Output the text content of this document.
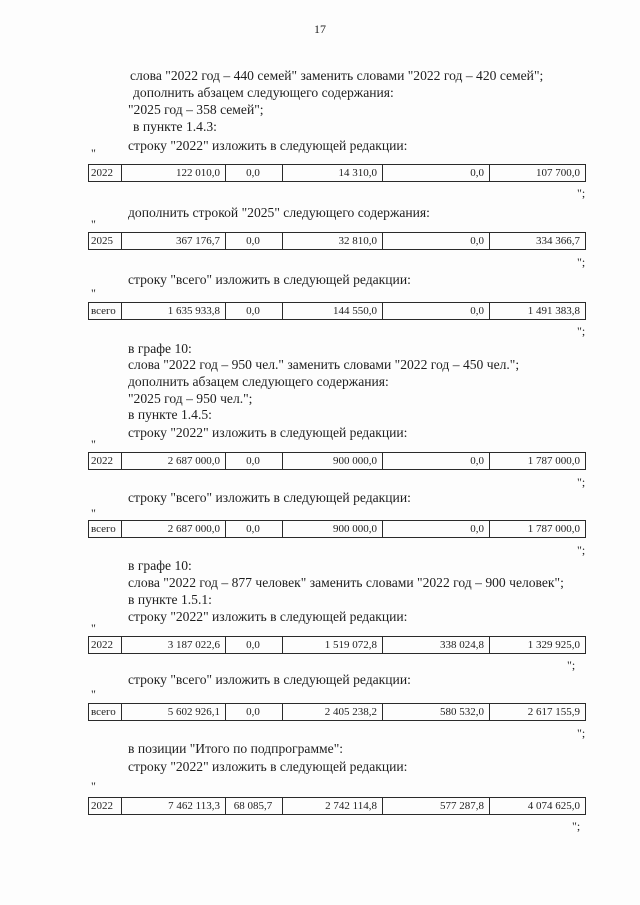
17
слова "2022 год – 440 семей" заменить словами "2022 год – 420 семей";
дополнить абзацем следующего содержания:
"2025 год – 358 семей";
в пункте 1.4.3:
" строку "2022" изложить в следующей редакции:
2022	122 010,0	0,0	14 310,0	0,0	107 700,0
";
дополнить строкой "2025" следующего содержания:
"
2025	367 176,7	0,0	32 810,0	0,0	334 366,7
";
строку "всего" изложить в следующей редакции:
"
всего	1 635 933,8	0,0	144 550,0	0,0	1 491 383,8
";
в графе 10:
слова "2022 год – 950 чел." заменить словами "2022 год – 450 чел.";
дополнить абзацем следующего содержания:
"2025 год – 950 чел.";
в пункте 1.4.5:
строку "2022" изложить в следующей редакции:
"
2022	2 687 000,0	0,0	900 000,0	0,0	1 787 000,0
";
строку "всего" изложить в следующей редакции:
"
всего	2 687 000,0	0,0	900 000,0	0,0	1 787 000,0
";
в графе 10:
слова "2022 год – 877 человек" заменить словами "2022 год – 900 человек";
в пункте 1.5.1:
строку "2022" изложить в следующей редакции:
"
2022	3 187 022,6	0,0	1 519 072,8	338 024,8	1 329 925,0
";
строку "всего" изложить в следующей редакции:
"
всего	5 602 926,1	0,0	2 405 238,2	580 532,0	2 617 155,9
";
в позиции "Итого по подпрограмме":
строку "2022" изложить в следующей редакции:
"
2022	7 462 113,3	68 085,7	2 742 114,8	577 287,8	4 074 625,0
";
